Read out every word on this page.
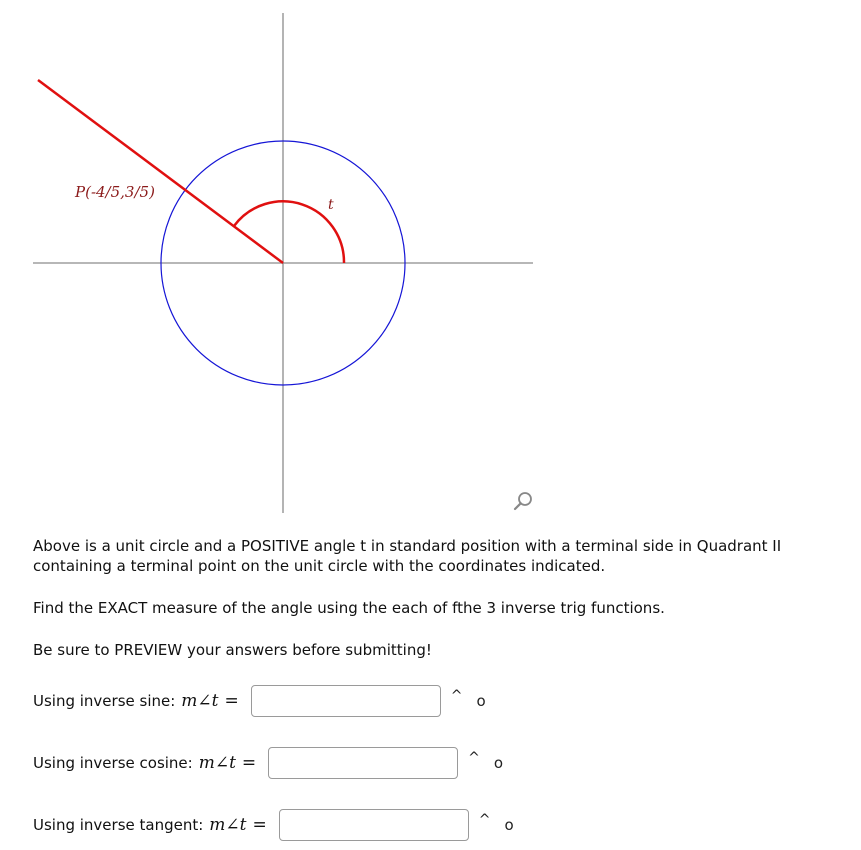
P(-4/5,3/5)
t

Above is a unit circle and a POSITIVE angle t in standard position with a terminal side in Quadrant II

containing a terminal point on the unit circle with the coordinates indicated.

Find the EXACT measure of the angle using the each of fthe 3 inverse trig functions.

Be sure to PREVIEW your answers before submitting!

Using inverse sine: m∠t =	^ o
Using inverse cosine: m∠t =	^ o
Using inverse tangent: m∠t =	^ o
